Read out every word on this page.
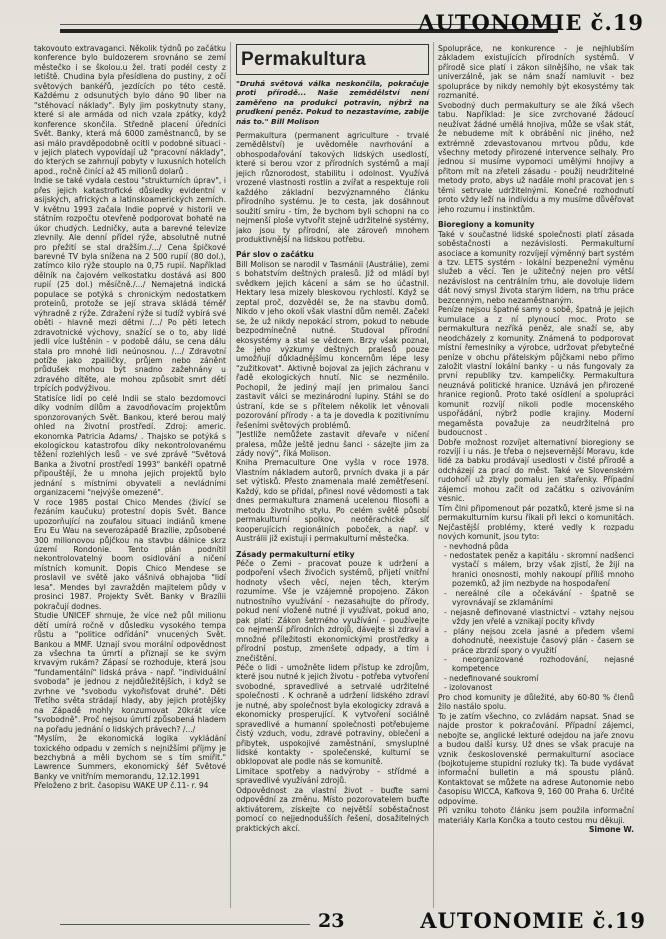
AUTONOMIE č.19

takovouto extravaganci. Několik týdnů po začátku konference bylo buldozerem srovnáno se zemí městečko i se školou.u žel. trati podél cesty z letiště. Chudina byla přesídlena do pustiny, z očí světových bankéřů, jezdících po této cestě. Každému z odsunutých bylo dáno 90 liber na "stěhovací náklady". Byly jim poskytnuty stany, které si ale armáda od nich vzala zpátky, když konference skončila. Středně placení úředníci Svět. Banky, která má 6000 zaměstnanců, by se asi málo pravděpodobně ocitli v podobné situaci - v jejich platech vypovídají už "pracovní náklady", do kterých se zahrnují pobyty v luxusních hotelích apod., ročně činící až 45 milionů dolarů .

Indie se také vydala cestou "strukturních úprav", i přes jejich katastrofické důsledky evidentní v asijských, afrických a latinskoamerických zemích. V květnu 1993 začala Indie poprvé v historii ve státním rozpočtu otevřeně podporovat bohaté na úkor chudých. Ledničky, auta a barevné televize zlevnily. Ale denní přídel rýže, absolutně nutné pro přežití se stal dražším./.../ Cena špičkové barevné TV byla snížena na 2 500 rupií (80 dol.), zatímco kilo rýže stouplo na 0,75 rupií. Například dělník na čajovém velkostatku dostává asi 800 rupií (25 dol.) měsíčně./.../ Nemajetná indická populace se potýká s chronickým nedostatkem proteinů, protože se její strava skládá téměř výhradně z rýže. Zdražení rýže si tudíž vybírá své oběti - hlavně mezi dětmi /.../ Po pěti letech zdravotnické výchovy, snažící se o to, aby lidé jedli více luštěnin - v podobě dálu, se cena dálu stala pro mnohé lidi neúnosnou. /.../ Zdravotní potíže jako zpailičky, průjem nebo záněnt průdušek mohou být snadno zažehnány u zdravého dítěte, ale mohou způsobit smrt dětí trpících podvýživou.

Statisíce lidí po celé Indii se stalo bezdomovci díky vodním dílům a zavodňovacím projektům sponzorovaných Svět. Bankou, které berou malý ohled na životní prostředí. Zdroj: americ. ekonomka Patricia Adams/ . Thajsko se potýká s ekologickou katastrofou díky nekontrolovanému těžení rozlehlých lesů - ve své zprávě "Světová Banka a životní prostředí 1993" bankéři opatrně připouštějí, že u mnoha jejich projektů bylo jednání s místními obyvateli a nevládními organizacemi "nejvýše omezené".

V roce 1985 postal Chico Mendes (živící se řezáním kaučuku) protestní dopis Svět. Bance upozorňující na zoufalou situaci indiánů kmene Eru Eu Wau na severozápadě Brazílie, způsobené 300 milionovou půjčkou na stavbu dálnice skrz území Rondonie. Tento plán podnítil nekontrolovatelný boom osidlování a ničení místních komunit. Dopis Chico Mendese se proslavil ve světě jako vášnivá obhajoba "lidí lesa". Mendes byl zavražděn majitelem půdy v prosinci 1987. Projekty Svět. Banky v Brazílii pokračují dodnes.

Studie UNICEF shrnuje, že více než půl milionu dětí umírá ročně v důsledku vysokého tempa růstu a "politice odřídání" vnucených Svět. Bankou a MMF. Uznají svou morální odpovědnost za všechna ta úmrtí a přiznají se ke svým krvavým rukám? Zápasí se rozhoduje, která jsou "fundamentální" lidská práva - např. "individuální svoboda" je jednou z nejdůležitějších, i když se zvrhne ve "svobodu vykořisťovat druhé". Děti Třetího světa strádají hlady, aby jejich protějšky na Západě mohly konzumovat 20krát více "svobodně". Proč nejsou úmrtí způsobená hladem na pořadu jednání o lidských právech? /.../

"Myslím, že ekonomická logika vykládání toxického odpadu v zemích s nejnižšími příjmy je bezchybná a měli bychom se s tím smířit." Lawrence Summers, ekonomický šéf Světové Banky ve vnitřním memorandu, 12.12.1991

Přeloženo z brit. časopisu WAKE UP č.11- r. 94

Permakultura

"Druhá světová válka neskončila, pokračuje proti přírodě... Naše zemědělství není zaměřeno na produkci potravin, nýbrž na prudkení peněz. Pokud to nezastavíme, zabije nás to." Bill Molison

Permakultura (permanent agriculture - trvalé zemědělství) je uvědoměle navrhování a obhospodařování takových lidských usedlostí, které si berou vzor z přírodních systémů a mají jejich různorodost, stabilitu i odolnost. Využívá vrozené vlastnosti rostlin a zvířat a respektuje roli každého základní bezvýznamného článku přírodního systému. Je to cesta, jak dosáhnout soužití smíru - tím, že bychom byli schopni na co nejmenší ploše vytvořit stejně udržitelné systémy, jako jsou ty přírodní, ale zároveň mnohem produktivnější na lidskou potřebu.

Pár slov o začátku

Bill Molison se narodil v Tasmánii (Austrálie), zemi s bohatstvím deštných pralesů. Již od mládí byl svědkem jejich kácení a sám se ho účastnil. Hektary lesa mizely bleskovou rychlostí. Když se zeptal proč, dozvěděl se, že na stavbu domů. Nikdo v jeho okolí však vlastní dům neměl. Začekl se, že už nikdy nepokácí strom, pokud to nebude bezpodmínečně nutné. Studoval přírodní ekosystémy a stal se vědcem. Brzy však poznal, že jeho výzkumy deštných pralesů pouze umožňují důkladnějšímu koncernům lépe lesy "zužitkovat". Aktivně bojoval za jejich záchranu v řadě ekologických hnutí. Nic se nezměnilo. Pochopil, že jediný mají jen primalou šanci zastavit válci se mezinárodní lupiny. Stáhl se do ústraní, kde se s přítelem několik let věnovali pozorování přírody - a ta je dovedla k pozitivnímu řešeními světových problémů.

"Jestliže nemůžete zastavit dřevaře v ničení pralesa, může ještě jednu šanci - sázejte jim za zády nový", říká Molison.

Kniha Premaculture One vyšla v roce 1978. Vlastním nákladem autorů, prvních dvaka ji a pár set výtisků. Přesto znamenala malé zemětřesení. Každý, kdo se přidal, přinesl nové vědomosti a tak dnes permakultura znamená ucelenou filosofii a metodu životního stylu. Po celém světě působí permakulturní spolkov, neotěrachické síť kooperujících regionálních poboček, a např. v Austrálii již existují i permakulturní městečka.

Zásady permakulturní etiky

Péče o Zemi - pracovat pouze k udržení a podpoření všech živočich systémů, přijetí vnitřní hodnoty všech věcí, nejen těch, kterým rozumíme. Vše je vzájemně propojeno. Zákon nutnostního využívání - nezasahujte do přírody, pokud není vloženě nutné ji využívat, pokud ano, pak platí: Zákon šetrného využívání - používejte co nejmenší přírodních zdrojů, dávejte si zdraví a množné příležitosti ekonomickými prostředky a přírodní postup, zmenšete odpady, a tím i znečištění.

Péče o lidi - umožněte lidem přístup ke zdrojům, které jsou nutné k jejich životu - potřeba vytvoření svobodné, spravedlivé a setrvalé udržitelné společnosti . K ochraně a udržení lidského zdraví je nutné, aby společnost byla ekologicky zdravá a ekonomicky prosperující. K vytvoření sociálně spravedlivé a humanní společnosti potřebujeme čistý vzduch, vodu, zdravé potraviny, oblečení a přibytek, uspokojivé zaměstnání, smysluplné lidské kontakty - společenské, kulturní se obklopovat ale podle nás se komunitě.

Limitace spotřeby a nadvýroby - střídmé a spravedlivé využívání zdrojů.

Odpovědnost za vlastní život - buďte sami odpovědní za změnu. Místo pozorovatelem buďte aktivátorem, získejte co největší soběstačnost pomocí co nejjednodušších řešení, dosažitelných praktických akcí.

Spolupráce, ne konkurence - je nejhlubším základem existujících přírodních systémů. V přírodě sice platí i zákon silnějšího, ne však tak univerzálně, jak se nám snaží namluvit - bez spolupráce by nikdy nemohly být ekosystémy tak rozmanité.

Svobodný duch permakultury se ale žíká všech tabu. Například: Je sice zvrchované žádoucí neužívat žádné umělá hnojiva, může se však stát, že nebudeme mít k obrábění nic jiného, než extrémně zdevastovanou mrtvou půdu, kde všechny metody přirozené intervence selhaly. Pro jednou si musíme vypomoci umělými hnojivy a přitom mít na zřeteli zásadu - použij neudržitelné metody proto, abys už nadále mohl pracovat jen s těmi setrvale udržitelnými. Konečné rozhodnutí proto vždy leží na individu a my musíme důvěřovat jeho rozumu i instinktům.

Bioregiony a komunity

Také v součastné lidské společnosti platí zásada soběstačnosti a nezávislosti. Permakulturní asociace a komunity rozvíjejí výměnný bart systém a tzv. LETS systém - lokální bezpenežní výměnu služeb a věcí. Ten je užitečný nejen pro větší nezávislost na centrálním trhu, ale dovoluje lidem dát nový smysl života starým lidem, na trhu práce bezcenným, nebo nezaměstnaným.

Peníze nejsou špatné samy o sobě, špatná je jejich kumulace a z ní plynoucí moc. Proto se permakultura nezříká peněz, ale snaží se, aby neodcházely z komunity. Známená to podporovat místní řemeslníky a výrobce, udržovat přebytečné peníze v obchu přátelským půjčkami nebo přímo založit vlastní lokální banky - u nás fungovaly za první republiky tzv. kampeličky. Permakultura neuznává politické hranice. Uznává jen přirozené hranice regionů. Proto také osídlení a spolupráci komunit rozvíjí nikoli podle mocenského uspořádání, nýbrž podle krajiny. Moderní megaměsta považuje za neudržitelná pro budoucnost .

Dobře možnost rozvíjet alternativní bioregiony se rozvíjí i u nás. Je třeba o nejsevernější Moravu, kde lidé za babku prodávají usedlosti v čisté přírodě a odcházejí za prací do měst. Také ve Slovenském rudohoří už zbyly pomalu jen stařenky. Případní zájemci mohou začít od začátku s ozivováním vesnic.

Tím člni připomenout pár pozatků, které jsme si na permakulturním kursu říkali při lekci o komunitách. Nejčastější problémy, které vedly k rozpadu nových komunit, jsou tyto:

- nevhodná půda

- nedostatek peněz a kapitálu - skromní nadšenci vystačí s málem, brzy však zjistí, že žijí na hranici onosnosti, mohly nakoupí příliš mnoho pozemků, až jim nezbyde na hospodaření

- nereálné cíle a očekávání - špatně se vyrovnávají se zklamáními

- nejasně definované vlastnictví - vztahy nejsou vždy jen vřelé a vznikají pocity křivdy

- plány nejsou zcela jasné a předem všemi dohodnuté, neexistuje časový plán - časem se práce zbrzdí spory o využití

- neorganizované rozhodování, nejasné kompetence

- nedefinované soukromí

- izolovanost

Pro chod komunity je důležité, aby 60-80 % členů žilo nastálo spolu.

To je zatím všechno, co zvládám napsat. Snad se najde prostor k pokračování. Případní zájemci, nebojte se, anglické lekturé odejdou na jaře znovu a budou další kursy. Už dnes se však pracuje na vznik československé permakulturní asociace (bojkotujeme stupidní rozluky tk). Ta bude vydávat informační bulletin a má spoustu plánů. Kontaktovat se můžete na adrese Autonomie nebo časopisu WICCA, Kafkova 9, 160 00 Praha 6. Určité odpovíme.

Při vzniku tohoto článku jsem použila informační materiály Karla Končka a touto cestou mu děkuji.

Simone W.

23	AUTONOMIE č.19
